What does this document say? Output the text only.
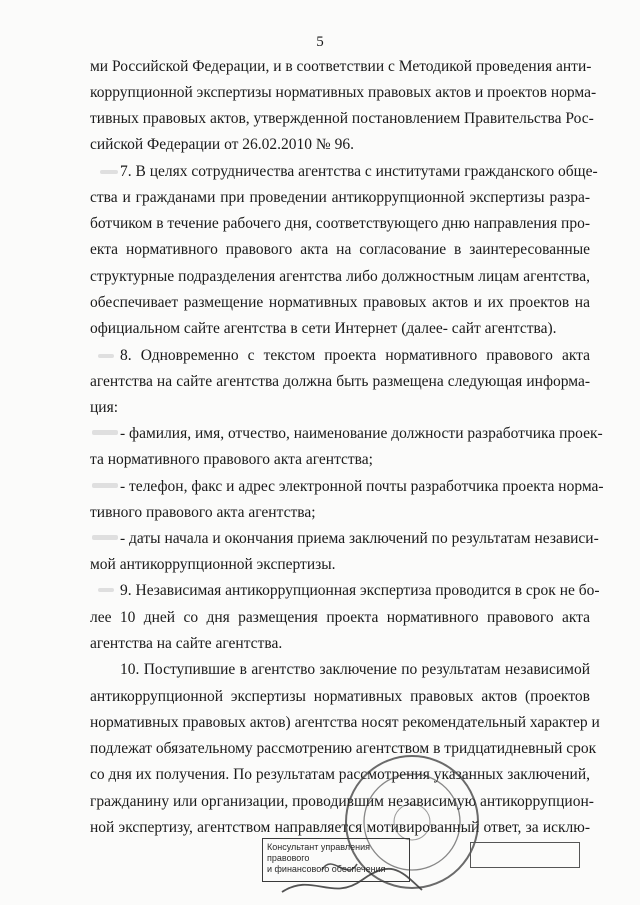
5
ми Российской Федерации, и в соответствии с Методикой проведения анти-
коррупционной экспертизы нормативных правовых актов и проектов норма-
тивных правовых актов, утвержденной постановлением Правительства Рос-
сийской Федерации от 26.02.2010 № 96.
7. В целях сотрудничества агентства с институтами гражданского обще-
ства и гражданами при проведении антикоррупционной экспертизы разра-
ботчиком в течение рабочего дня, соответствующего дню направления про-
екта нормативного правового акта на согласование в заинтересованные
структурные подразделения агентства либо должностным лицам агентства,
обеспечивает размещение нормативных правовых актов и их проектов на
официальном сайте агентства в сети Интернет (далее- сайт агентства).
8. Одновременно с текстом проекта нормативного правового акта
агентства на сайте агентства должна быть размещена следующая информа-
ция:
- фамилия, имя, отчество, наименование должности разработчика проек-
та нормативного правового акта агентства;
- телефон, факс и адрес электронной почты разработчика проекта норма-
тивного правового акта агентства;
- даты начала и окончания приема заключений по результатам независи-
мой антикоррупционной экспертизы.
9. Независимая антикоррупционная экспертиза проводится в срок не бо-
лее 10 дней со дня размещения проекта нормативного правового акта
агентства на сайте агентства.
10. Поступившие в агентство заключение по результатам независимой
антикоррупционной экспертизы нормативных правовых актов (проектов
нормативных правовых актов) агентства носят рекомендательный характер и
подлежат обязательному рассмотрению агентством в тридцатидневный срок
со дня их получения. По результатам рассмотрения указанных заключений,
гражданину или организации, проводившим независимую антикоррупцион-
ной экспертизу, агентством направляется мотивированный ответ, за исклю-
Консультант управления правового
и финансового обеспечения
